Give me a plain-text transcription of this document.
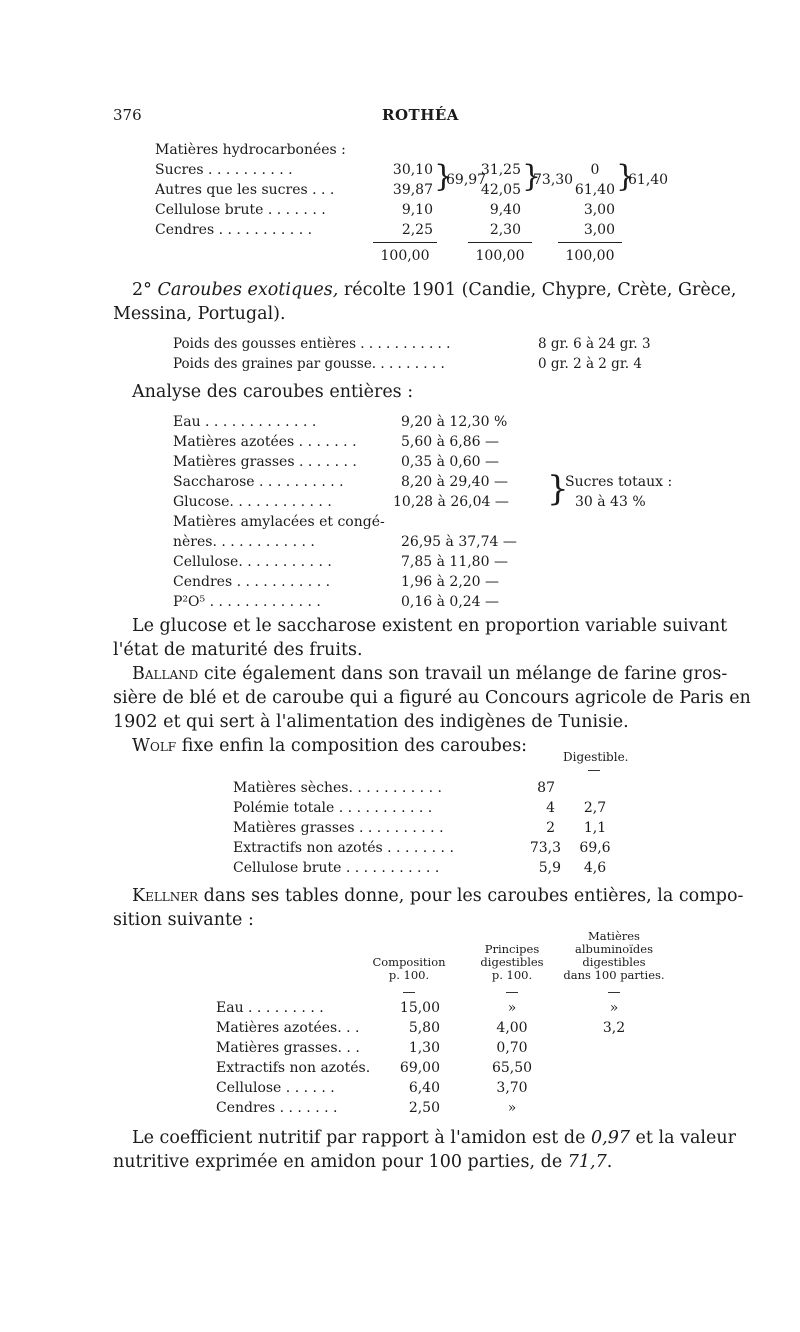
376	ROTHÉA
Matières hydrocarbonées :
Sucres . . . . . . . . . .	30,10	31,25	0
Autres que les sucres . . .	39,87	42,05	61,40
}
69,97 }
73,30 }
61,40
Cellulose brute . . . . . . .	9,10	9,40	3,00
Cendres . . . . . . . . . . .	2,25	2,30	3,00
100,00	100,00	100,00
2° Caroubes exotiques, récolte 1901 (Candie, Chypre, Crète, Grèce,
Messina, Portugal).
Poids des gousses entières . . . . . . . . . . .	8 gr. 6 à 24 gr. 3
Poids des graines par gousse. . . . . . . . .	0 gr. 2 à 2 gr. 4
Analyse des caroubes entières :
Eau . . . . . . . . . . . . .	9,20 à 12,30 %
Matières azotées . . . . . . .	5,60 à 6,86 —
Matières grasses . . . . . . .	0,35 à 0,60 —
Saccharose . . . . . . . . . .	8,20 à 29,40 —
Glucose. . . . . . . . . . . .	10,28 à 26,04 —
Matières amylacées et congé-
nères. . . . . . . . . . . .	26,95 à 37,74 —
Cellulose. . . . . . . . . . .	7,85 à 11,80 —
Cendres . . . . . . . . . . .	1,96 à 2,20 —
P²O⁵ . . . . . . . . . . . . .	0,16 à 0,24 —
}
Sucres totaux :
30 à 43 %
Le glucose et le saccharose existent en proportion variable suivant
l'état de maturité des fruits.
Balland cite également dans son travail un mélange de farine gros-
sière de blé et de caroube qui a figuré au Concours agricole de Paris en
1902 et qui sert à l'alimentation des indigènes de Tunisie.
Wolf fixe enfin la composition des caroubes:
Digestible.
Matières sèches. . . . . . . . . . .	87
Polémie totale . . . . . . . . . . .	4	2,7
Matières grasses . . . . . . . . . .	2	1,1
Extractifs non azotés . . . . . . . .	73,3	69,6
Cellulose brute . . . . . . . . . . .	5,9	4,6
Kellner dans ses tables donne, pour les caroubes entières, la compo-
sition suivante :
Composition
p. 100.
Principes
digestibles
p. 100.
Matières
albuminoïdes
digestibles
dans 100 parties.
Eau . . . . . . . . .	15,00	»	»
Matières azotées. . .	5,80	4,00	3,2
Matières grasses. . .	1,30	0,70
Extractifs non azotés.	69,00	65,50
Cellulose . . . . . .	6,40	3,70
Cendres . . . . . . .	2,50	»
Le coefficient nutritif par rapport à l'amidon est de 0,97 et la valeur
nutritive exprimée en amidon pour 100 parties, de 71,7.
